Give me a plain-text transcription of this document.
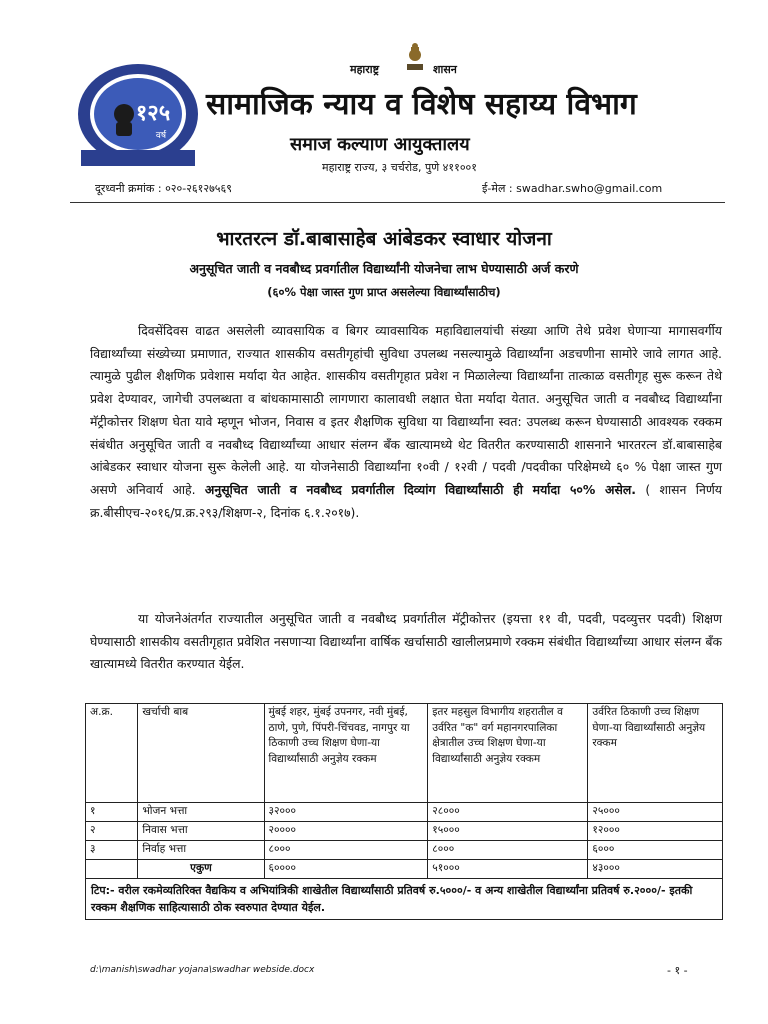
१२५
वर्ष
महाराष्ट्र	शासन
सामाजिक न्याय व विशेष सहाय्य विभाग
समाज कल्याण आयुक्तालय
महाराष्ट्र राज्य, ३ चर्चरोड, पुणे ४११००१
दूरध्वनी क्रमांक : ०२०-२६१२७५६९	ई-मेल : swadhar.swho@gmail.com
भारतरत्न डॉ.बाबासाहेब आंबेडकर स्वाधार योजना
अनुसूचित जाती व नवबौध्द प्रवर्गातील विद्यार्थ्यांनी योजनेचा लाभ घेण्यासाठी अर्ज करणे
(६०% पेक्षा जास्त गुण प्राप्त असलेल्या विद्यार्थ्यांसाठीच)
दिवसेंदिवस वाढत असलेली व्यावसायिक व बिगर व्यावसायिक महाविद्यालयांची संख्या आणि तेथे प्रवेश घेणाऱ्या मागासवर्गीय विद्यार्थ्यांच्या संख्येच्या प्रमाणात, राज्यात शासकीय वसतीगृहांची सुविधा उपलब्ध नसल्यामुळे विद्यार्थ्यांना अडचणीना सामोरे जावे लागत आहे. त्यामुळे पुढील शैक्षणिक प्रवेशास मर्यादा येत आहेत. शासकीय वसतीगृहात प्रवेश न मिळालेल्या विद्यार्थ्यांना तात्काळ वसतीगृह सुरू करून तेथे प्रवेश देण्यावर, जागेची उपलब्धता व बांधकामासाठी लागणारा कालावधी लक्षात घेता मर्यादा येतात. अनुसूचित जाती व नवबौध्द विद्यार्थ्यांना मॅट्रीकोत्तर शिक्षण घेता यावे म्हणून भोजन, निवास व इतर शैक्षणिक सुविधा या विद्यार्थ्यांना स्वत: उपलब्ध करून घेण्यासाठी आवश्यक रक्कम संबंधीत अनुसूचित जाती व नवबौध्द विद्यार्थ्यांच्या आधार संलग्न बँक खात्यामध्ये थेट वितरीत करण्यासाठी शासनाने भारतरत्न डॉ.बाबासाहेब आंबेडकर स्वाधार योजना सुरू केलेली आहे. या योजनेसाठी विद्यार्थ्यांना १०वी / १२वी / पदवी /पदवीका परिक्षेमध्ये ६० % पेक्षा जास्त गुण असणे अनिवार्य आहे. अनुसूचित जाती व नवबौध्द प्रवर्गातील दिव्यांग विद्यार्थ्यांसाठी ही मर्यादा ५०% असेल. ( शासन निर्णय क्र.बीसीएच-२०१६/प्र.क्र.२९३/शिक्षण-२, दिनांक ६.१.२०१७).
या योजनेअंतर्गत राज्यातील अनुसूचित जाती व नवबौध्द प्रवर्गातील मॅट्रीकोत्तर (इयत्ता ११ वी, पदवी, पदव्युत्तर पदवी) शिक्षण घेण्यासाठी शासकीय वसतीगृहात प्रवेशित नसणाऱ्या विद्यार्थ्यांना वार्षिक खर्चासाठी खालीलप्रमाणे रक्कम संबंधीत विद्यार्थ्यांच्या आधार संलग्न बँक खात्यामध्ये वितरीत करण्यात येईल.
अ.क्र.	खर्चाची बाब	मुंबई शहर, मुंबई उपनगर, नवी मुंबई, ठाणे, पुणे, पिंपरी-चिंचवड, नागपुर या ठिकाणी उच्च शिक्षण घेणा-या विद्यार्थ्यांसाठी अनुज्ञेय रक्कम	इतर महसुल विभागीय शहरातील व उर्वरित "क" वर्ग महानगरपालिका क्षेत्रातील उच्च शिक्षण घेणा-या विद्यार्थ्यांसाठी अनुज्ञेय रक्कम	उर्वरित ठिकाणी उच्च शिक्षण घेणा-या विद्यार्थ्यांसाठी अनुज्ञेय रक्कम
१	भोजन भत्ता	३२०००	२८०००	२५०००
२	निवास भत्ता	२००००	१५०००	१२०००
३	निर्वाह भत्ता	८०००	८०००	६०००
	एकुण	६००००	५१०००	४३०००
टिप:- वरील रकमेव्यतिरिक्त वैद्यकिय व अभियांत्रिकी शाखेतील विद्यार्थ्यांसाठी प्रतिवर्ष रु.५०००/- व अन्य शाखेतील विद्यार्थ्यांना प्रतिवर्ष रु.२०००/- इतकी रक्कम शैक्षणिक साहित्यासाठी ठोक स्वरुपात देण्यात येईल.				
d:\manish\swadhar yojana\swadhar webside.docx	- १ -
